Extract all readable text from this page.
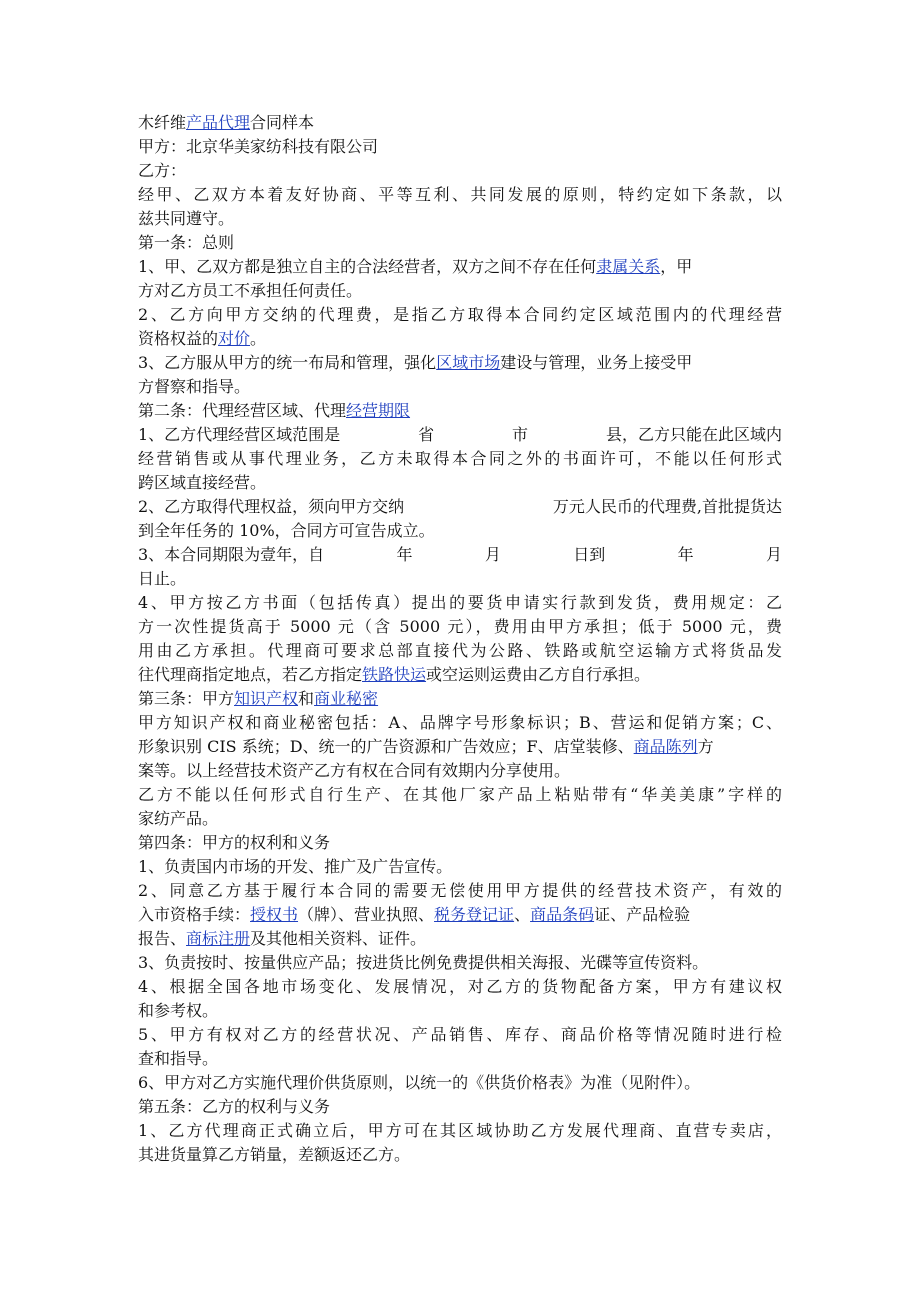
木纤维产品代理合同样本
甲方：北京华美家纺科技有限公司
乙方：
经甲、乙双方本着友好协商、平等互利、共同发展的原则，特约定如下条款，以
兹共同遵守。
第一条：总则
1、甲、乙双方都是独立自主的合法经营者，双方之间不存在任何隶属关系，甲
方对乙方员工不承担任何责任。
2、乙方向甲方交纳的代理费，是指乙方取得本合同约定区域范围内的代理经营
资格权益的对价。
3、乙方服从甲方的统一布局和管理，强化区域市场建设与管理，业务上接受甲
方督察和指导。
第二条：代理经营区域、代理经营期限
1、乙方代理经营区域范围是	省	市	县，乙方只能在此区域内
经营销售或从事代理业务，乙方未取得本合同之外的书面许可，不能以任何形式
跨区域直接经营。
2、乙方取得代理权益，须向甲方交纳	万元人民币的代理费,首批提货达
到全年任务的 10%，合同方可宣告成立。
3、本合同期限为壹年，自	年	月	日到	年	月
日止。
4、甲方按乙方书面（包括传真）提出的要货申请实行款到发货，费用规定：乙
方一次性提货高于 5000 元（含 5000 元），费用由甲方承担；低于 5000 元，费
用由乙方承担。代理商可要求总部直接代为公路、铁路或航空运输方式将货品发
往代理商指定地点，若乙方指定铁路快运或空运则运费由乙方自行承担。
第三条：甲方知识产权和商业秘密
甲方知识产权和商业秘密包括：A、品牌字号形象标识；B、营运和促销方案；C、
形象识别 CIS 系统；D、统一的广告资源和广告效应；F、店堂装修、商品陈列方
案等。以上经营技术资产乙方有权在合同有效期内分享使用。
乙方不能以任何形式自行生产、在其他厂家产品上粘贴带有“华美美康”字样的
家纺产品。
第四条：甲方的权利和义务
1、负责国内市场的开发、推广及广告宣传。
2、同意乙方基于履行本合同的需要无偿使用甲方提供的经营技术资产，有效的
入市资格手续：授权书（牌）、营业执照、税务登记证、商品条码证、产品检验
报告、商标注册及其他相关资料、证件。
3、负责按时、按量供应产品；按进货比例免费提供相关海报、光碟等宣传资料。
4、根据全国各地市场变化、发展情况，对乙方的货物配备方案，甲方有建议权
和参考权。
5、甲方有权对乙方的经营状况、产品销售、库存、商品价格等情况随时进行检
查和指导。
6、甲方对乙方实施代理价供货原则，以统一的《供货价格表》为准（见附件）。
第五条：乙方的权利与义务
1、乙方代理商正式确立后，甲方可在其区域协助乙方发展代理商、直营专卖店，
其进货量算乙方销量，差额返还乙方。
